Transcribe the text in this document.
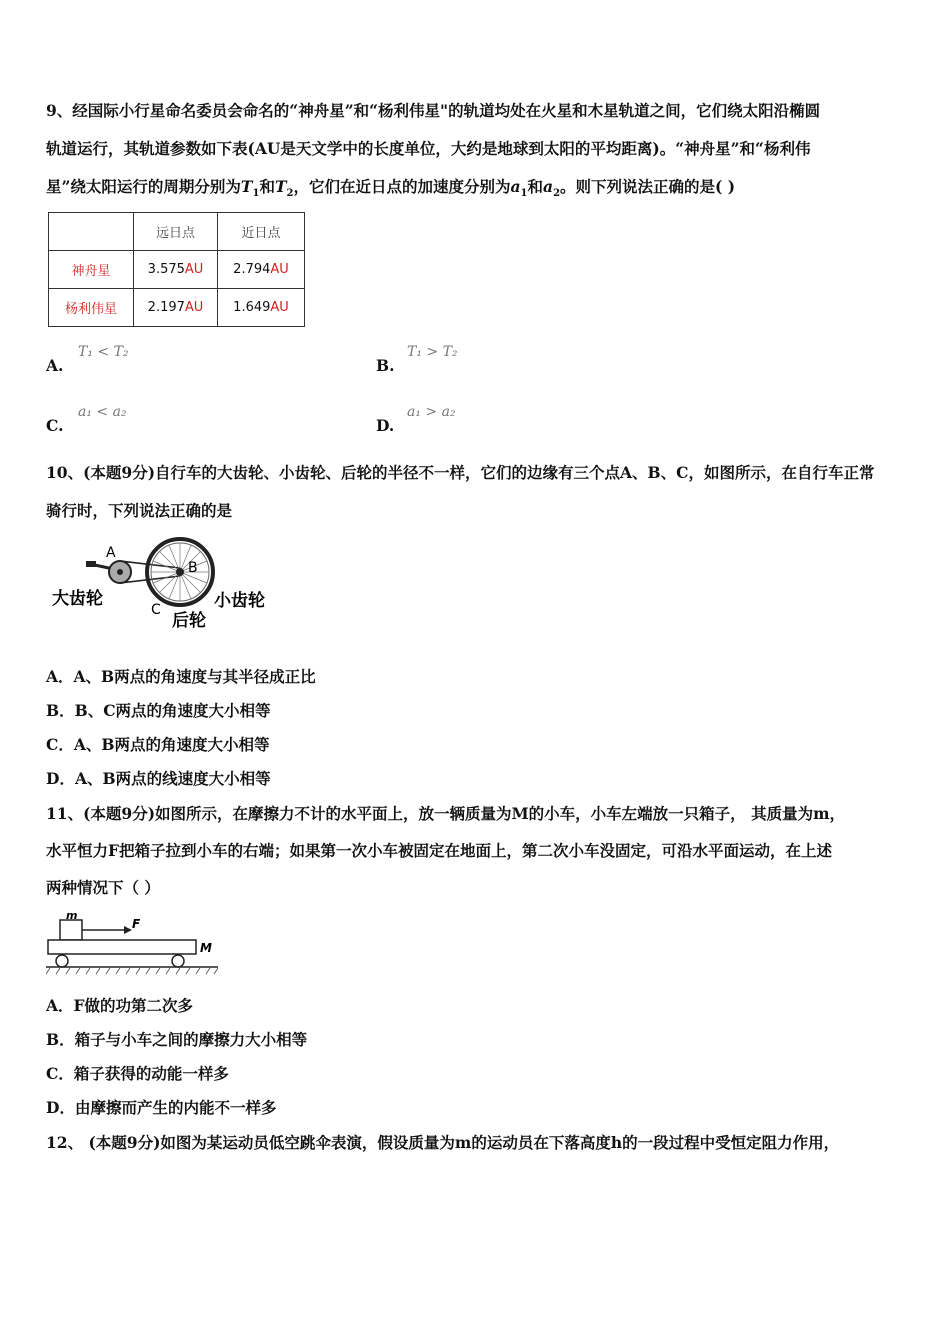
9、经国际小行星命名委员会命名的“神舟星”和“杨利伟星"的轨道均处在火星和木星轨道之间，它们绕太阳沿椭圆
轨道运行，其轨道参数如下表(AU是天文学中的长度单位，大约是地球到太阳的平均距离)。“神舟星”和“杨利伟
星”绕太阳运行的周期分别为$T_1$和$T_2$，它们在近日点的加速度分别为$a_1$和$a_2$。则下列说法正确的是( )
	远日点	近日点
神舟星	3.575AU	2.794AU
杨利伟星	2.197AU	1.649AU
A.
T₁ < T₂
B.
T₁ > T₂
C.
a₁ < a₂
D.
a₁ > a₂
10、(本题9分)自行车的大齿轮、小齿轮、后轮的半径不一样，它们的边缘有三个点A、B、C，如图所示，在自行车正常
骑行时，下列说法正确的是
A
B
C
大齿轮	小齿轮
后轮
A．A、B两点的角速度与其半径成正比
B．B、C两点的角速度大小相等
C．A、B两点的角速度大小相等
D．A、B两点的线速度大小相等
11、(本题9分)如图所示，在摩擦力不计的水平面上，放一辆质量为M的小车，小车左端放一只箱子， 其质量为m，
水平恒力F把箱子拉到小车的右端；如果第一次小车被固定在地面上，第二次小车没固定，可沿水平面运动，在上述
两种情况下（ ）
m
F
M
A．F做的功第二次多
B．箱子与小车之间的摩擦力大小相等
C．箱子获得的动能一样多
D．由摩擦而产生的内能不一样多
12、 (本题9分)如图为某运动员低空跳伞表演，假设质量为m的运动员在下落高度h的一段过程中受恒定阻力作用，
